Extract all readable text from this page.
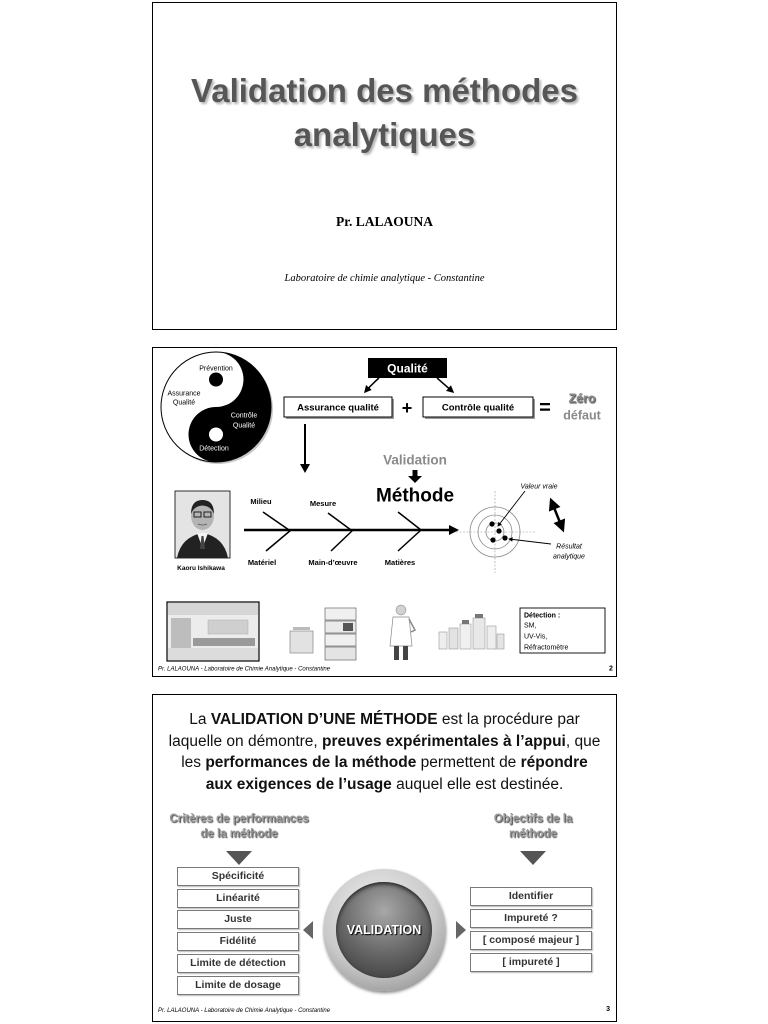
Validation des méthodes
analytiques
Pr. LALAOUNA
Laboratoire de chimie analytique - Constantine
Prévention
Assurance
Qualité
Contrôle
Qualité
Détection
Qualité
Assurance qualité +	Contrôle qualité = Zéro
défaut
Validation
Méthode
Milieu	Mesure
Matériel	Main-d’œuvre	Matières
Kaoru Ishikawa
Valeur vraie
Résultat
analytique
Détection :
SM,
UV-Vis,
Réfractomètre
Pr. LALAOUNA - Laboratoire de Chimie Analytique - Constantine	2
La VALIDATION D’UNE MÉTHODE est la procédure par
laquelle on démontre, preuves expérimentales à l’appui, que
les performances de la méthode permettent de répondre
aux exigences de l’usage auquel elle est destinée.
Critères de performances
de la méthode
Objectifs de la
méthode
Spécificité
Linéarité
Juste
Fidélité
Limite de détection
Limite de dosage
VALIDATION
Identifier
Impureté ?
[ composé majeur ]
[ impureté ]
Pr. LALAOUNA - Laboratoire de Chimie Analytique - Constantine	3
